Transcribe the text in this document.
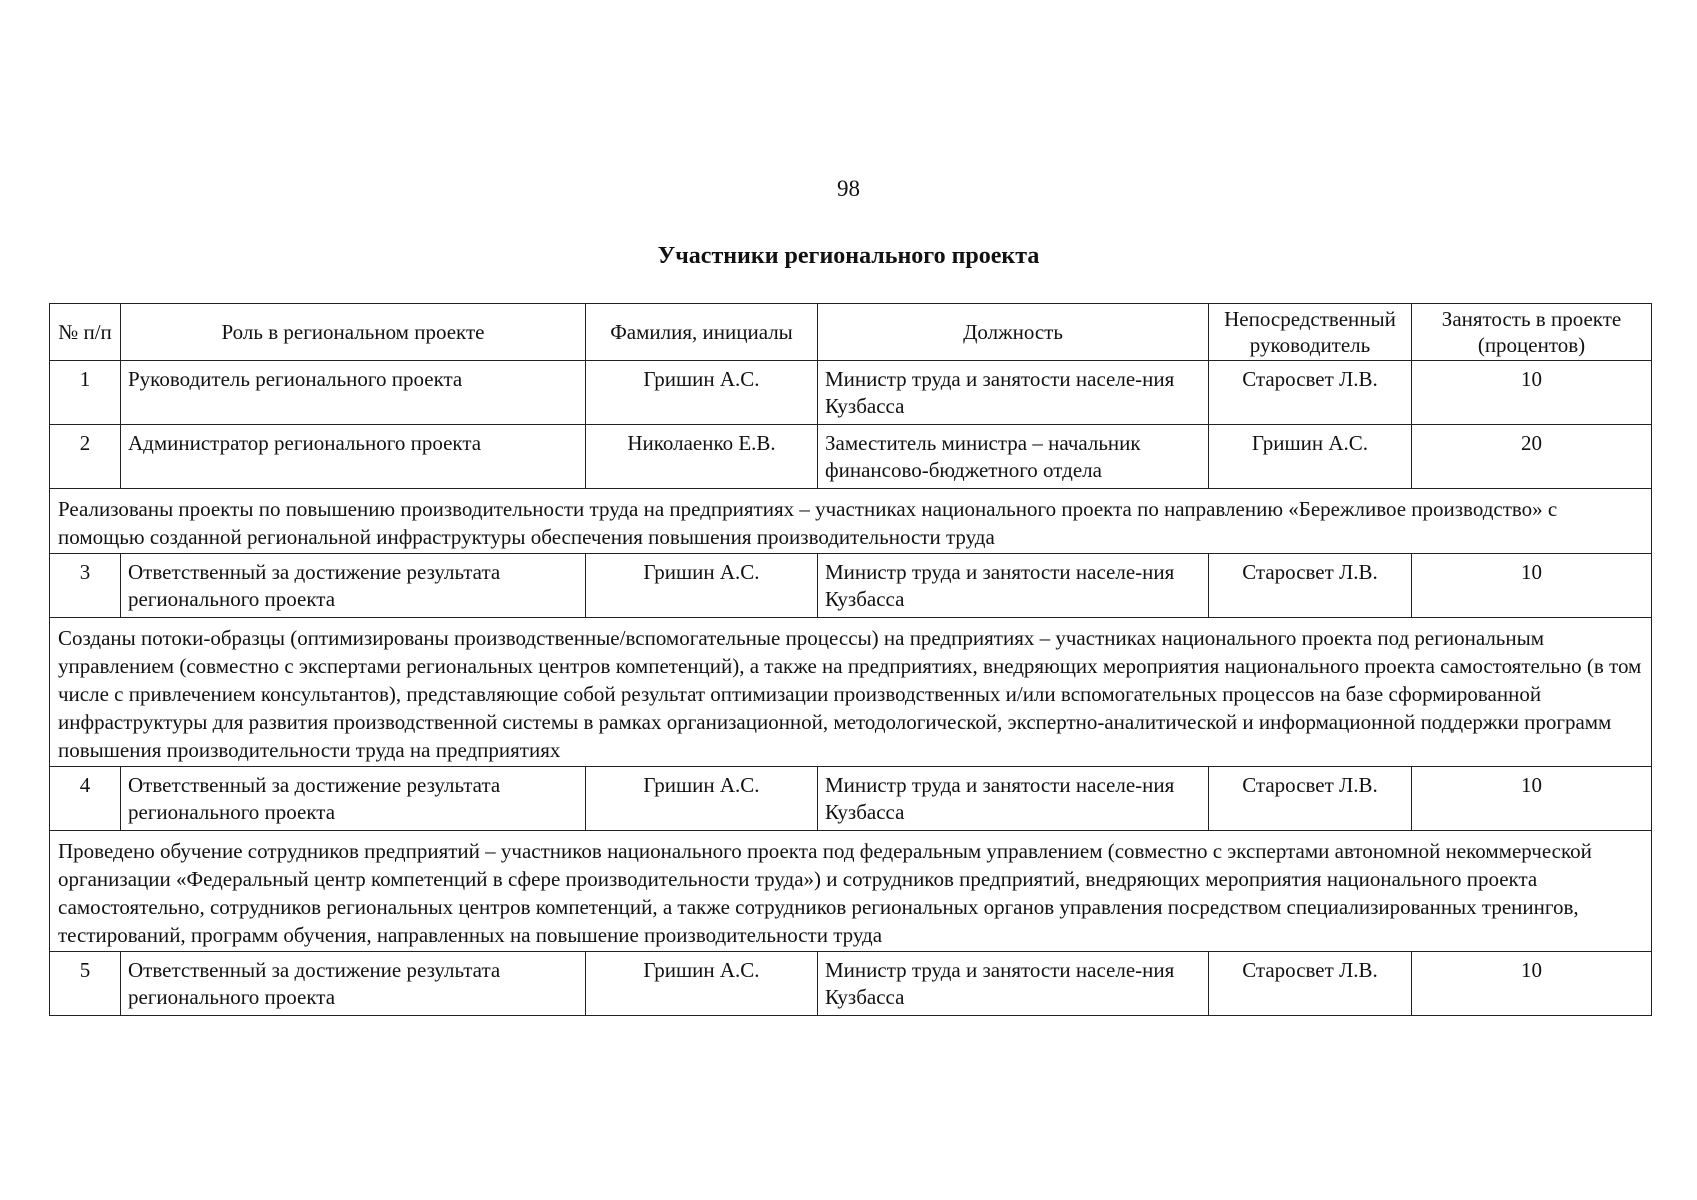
98
Участники регионального проекта
№ п/п	Роль в региональном проекте	Фамилия, инициалы	Должность	Непосредственный руководитель	Занятость в проекте (процентов)
1	Руководитель регионального проекта	Гришин А.С.	Министр труда и занятости населе-ния Кузбасса	Старосвет Л.В.	10
2	Администратор регионального проекта	Николаенко Е.В.	Заместитель министра – начальник финансово-бюджетного отдела	Гришин А.С.	20
Реализованы проекты по повышению производительности труда на предприятиях – участниках национального проекта по направлению «Бережливое производство» с помощью созданной региональной инфраструктуры обеспечения повышения производительности труда					
3	Ответственный за достижение результата регионального проекта	Гришин А.С.	Министр труда и занятости населе-ния Кузбасса	Старосвет Л.В.	10
Созданы потоки-образцы (оптимизированы производственные/вспомогательные процессы) на предприятиях – участниках национального проекта под региональным управлением (совместно с экспертами региональных центров компетенций), а также на предприятиях, внедряющих мероприятия национального проекта самостоятельно (в том числе с привлечением консультантов), представляющие собой результат оптимизации производственных и/или вспомогательных процессов на базе сформированной инфраструктуры для развития производственной системы в рамках организационной, методологической, экспертно-аналитической и информационной поддержки программ повышения производительности труда на предприятиях					
4	Ответственный за достижение результата регионального проекта	Гришин А.С.	Министр труда и занятости населе-ния Кузбасса	Старосвет Л.В.	10
Проведено обучение сотрудников предприятий – участников национального проекта под федеральным управлением (совместно с экспертами автономной некоммерческой организации «Федеральный центр компетенций в сфере производительности труда») и сотрудников предприятий, внедряющих мероприятия национального проекта самостоятельно, сотрудников региональных центров компетенций, а также сотрудников региональных органов управления посредством специализированных тренингов, тестирований, программ обучения, направленных на повышение производительности труда					
5	Ответственный за достижение результата регионального проекта	Гришин А.С.	Министр труда и занятости населе-ния Кузбасса	Старосвет Л.В.	10
